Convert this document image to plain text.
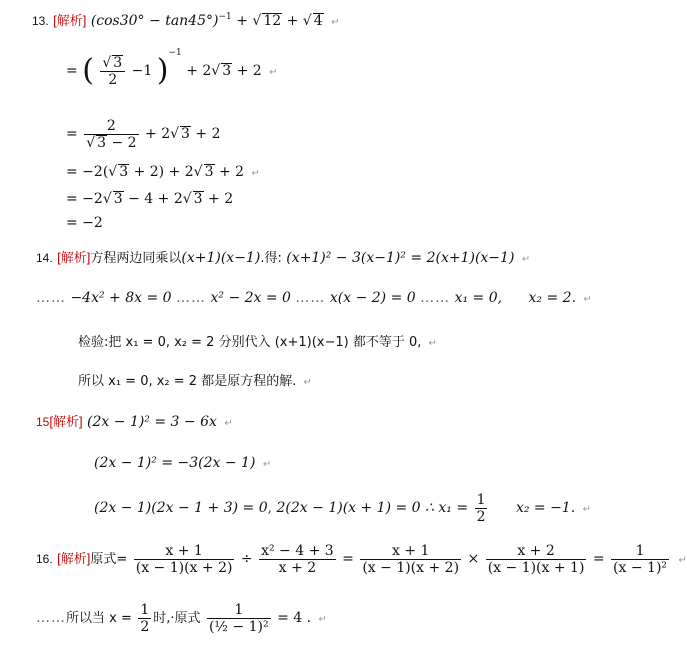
13. [解析] $(\cos 30^\circ - \tan 45^\circ)^{-1}$ + √ 12 + √ 4 ↵
= ( $\frac{√ 3}{2} -1$ )$^{-1}$ + 2√ 3 + 2 ↵
= $\frac{2}{√ 3 - 2} + 2√$ 3 + 2
= −2(√ 3 + 2) + 2√ 3 + 2 ↵
= −2√ 3 − 4 + 2√ 3 + 2
= −2
14. [解析]方程两边同乘以(x+1)(x−1).得: (x+1)² − 3(x−1)² = 2(x+1)(x−1) ↵
…… −4x² + 8x = 0 …… x² − 2x = 0 …… x(x − 2) = 0 …… x₁ = 0, x₂ = 2. ↵
检验:把 x₁ = 0, x₂ = 2 分别代入 (x+1)(x−1) 都不等于 0, ↵
所以 x₁ = 0, x₂ = 2 都是原方程的解. ↵
15[解析] (2x − 1)² = 3 − 6x ↵
(2x − 1)² = −3(2x − 1) ↵
(2x − 1)(2x − 1 + 3) = 0, 2(2x − 1)(x + 1) = 0 ∴ $x_1 = \frac{1}{2} x_2 = -1$. ↵
16. [解析]原式= $\frac{x + 1}{(x - 1)(x + 2)} \div \frac{\text{x² − 4 + 3}}{x + 2} = \frac{x + 1}{(x - 1)(x + 2)} \times \frac{x + 2}{(x - 1)(x + 1)} = \frac{1}{\text{(x − 1)²}}$ ↵
……所以当 $x = \frac{1}{2}$ 时,·原式 $\frac{1}{\text{(½ − 1)²}} = 4$ . ↵
